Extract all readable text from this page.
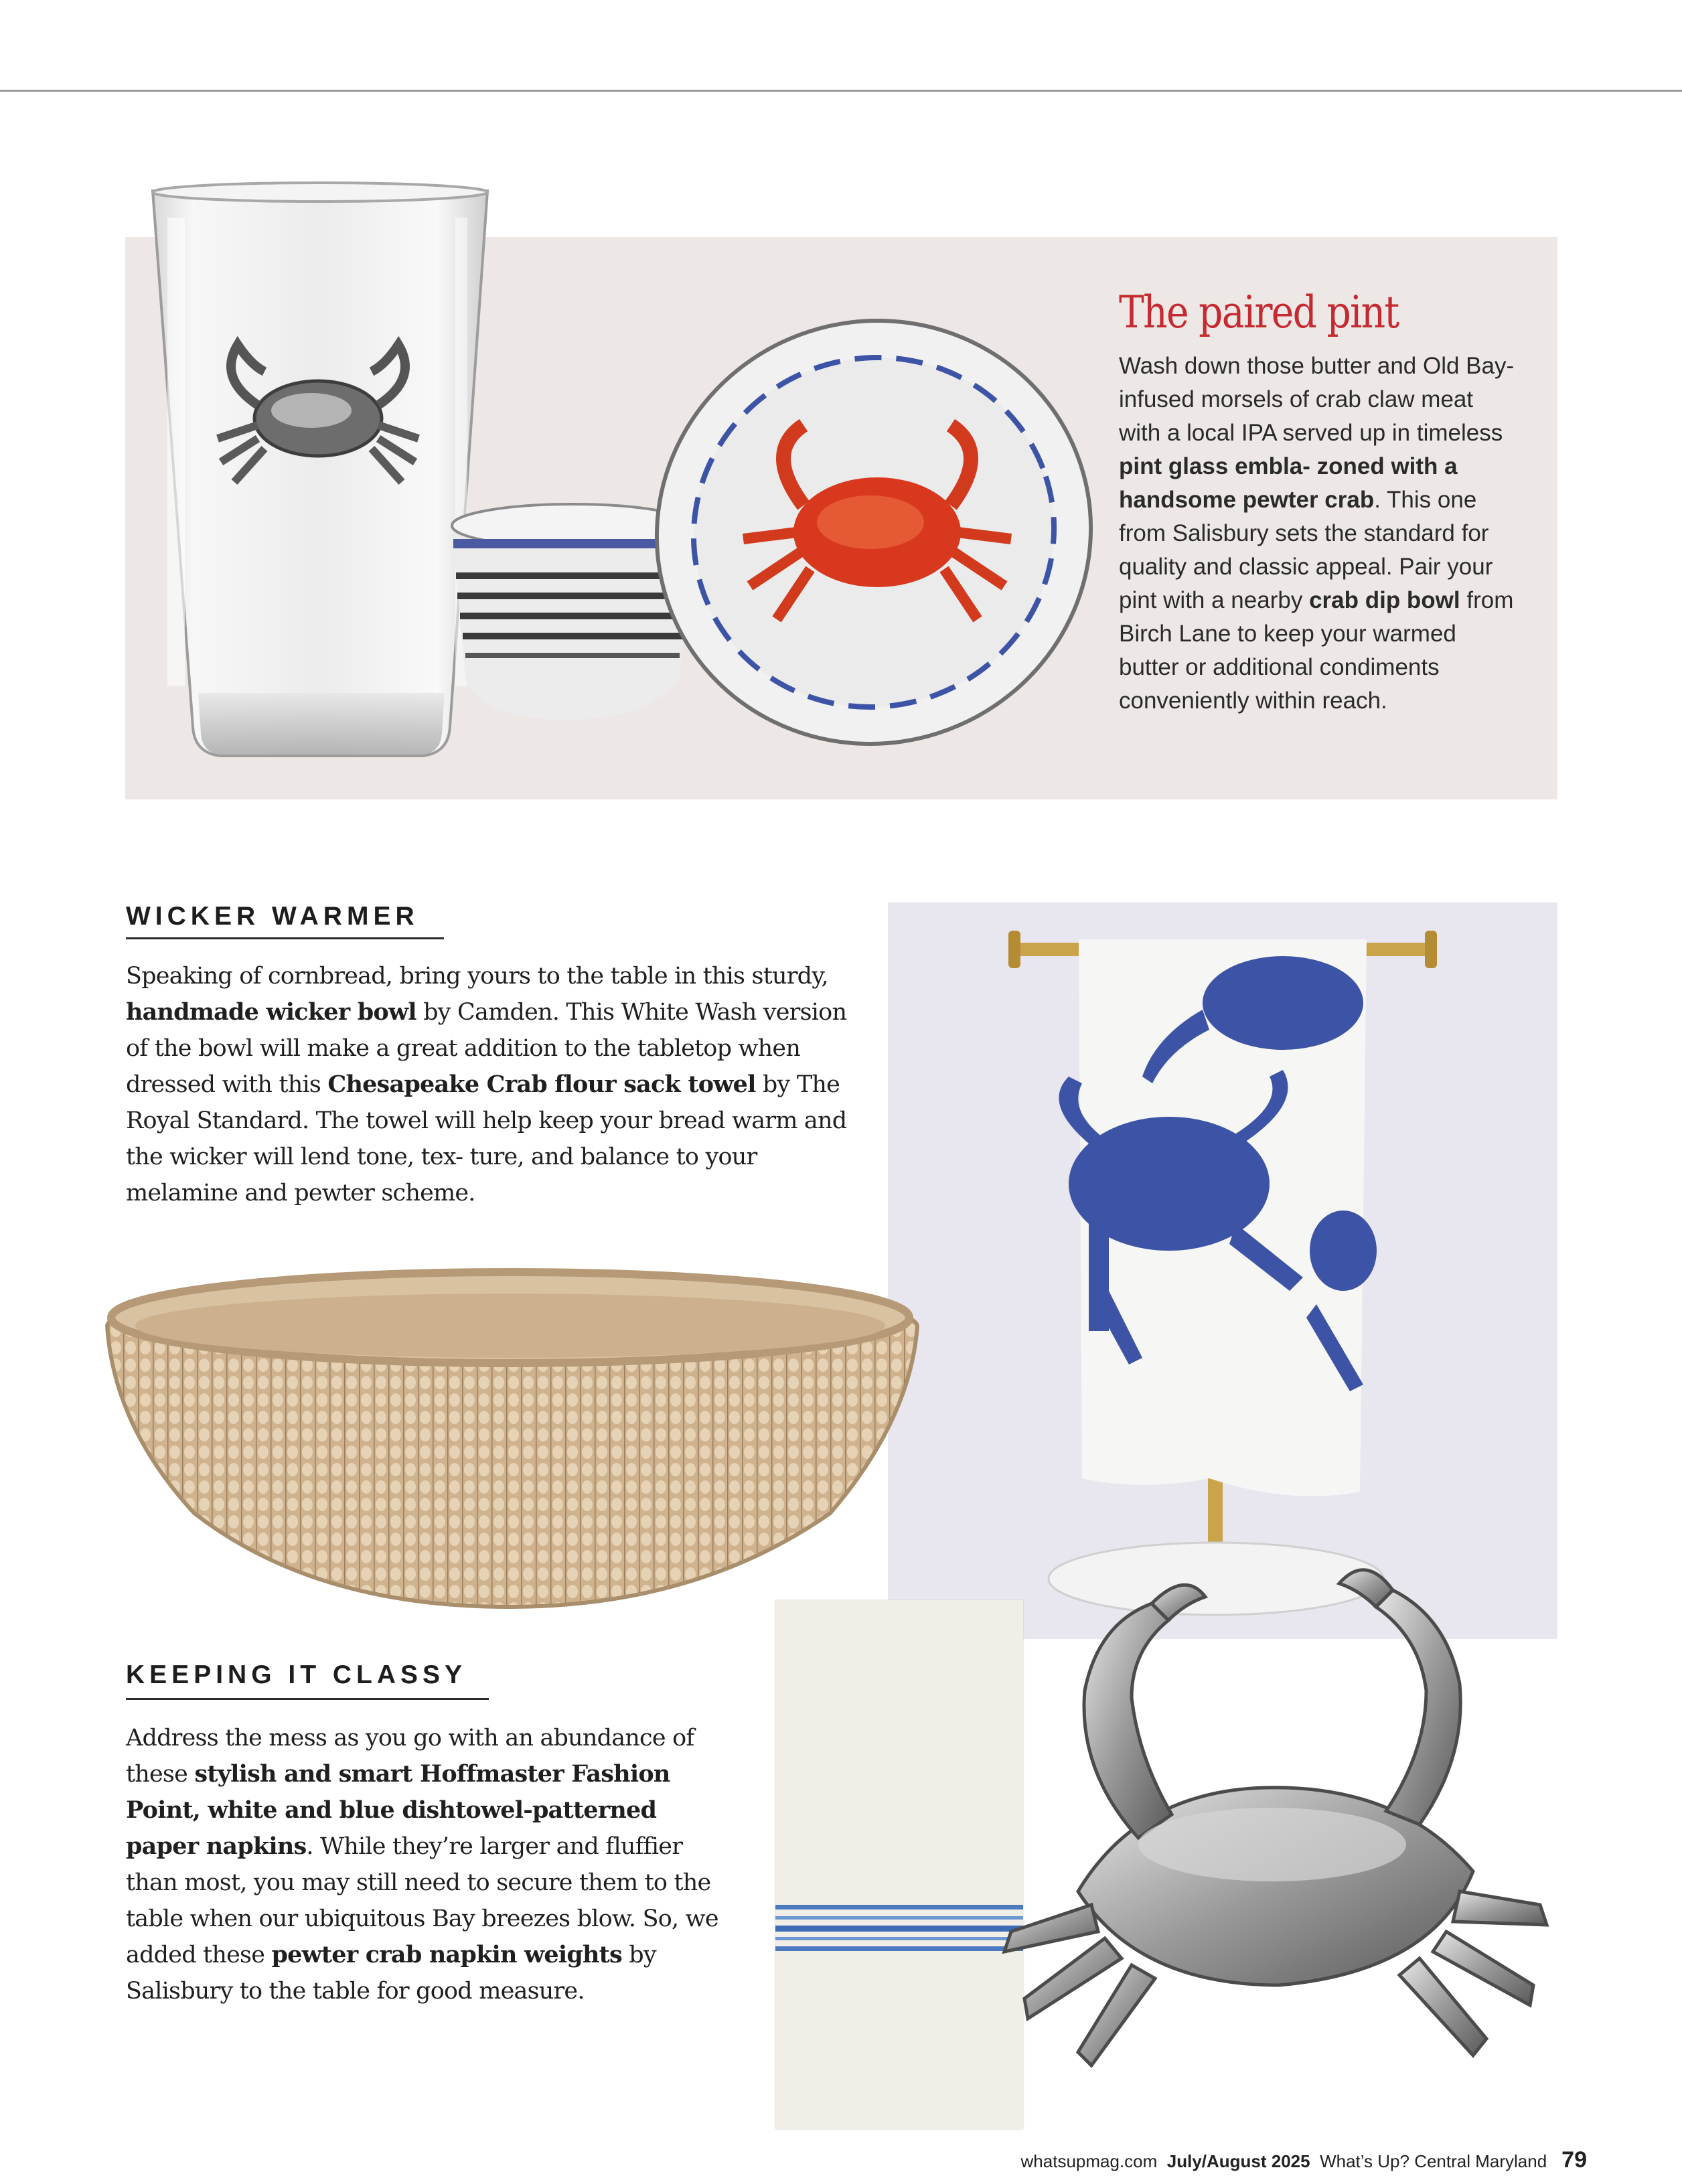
The paired pint

Wash down those butter and Old Bay-infused morsels of crab claw meat with a local IPA served up in timeless pint glass embla- zoned with a handsome pewter crab. This one from Salisbury sets the standard for quality and classic appeal. Pair your pint with a nearby crab dip bowl from Birch Lane to keep your warmed butter or additional condiments conveniently within reach.

WICKER WARMER

Speaking of cornbread, bring yours to the table in this sturdy, handmade wicker bowl by Camden. This White Wash version of the bowl will make a great addition to the tabletop when dressed with this Chesapeake Crab flour sack towel by The Royal Standard. The towel will help keep your bread warm and the wicker will lend tone, tex- ture, and balance to your melamine and pewter scheme.

KEEPING IT CLASSY

Address the mess as you go with an abundance of these stylish and smart Hoffmaster Fashion Point, white and blue dishtowel-patterned paper napkins. While they’re larger and fluffier than most, you may still need to secure them to the table when our ubiquitous Bay breezes blow. So, we added these pewter crab napkin weights by Salisbury to the table for good measure.

whatsupmag.com July/August 2025 What’s Up? Central Maryland 79
